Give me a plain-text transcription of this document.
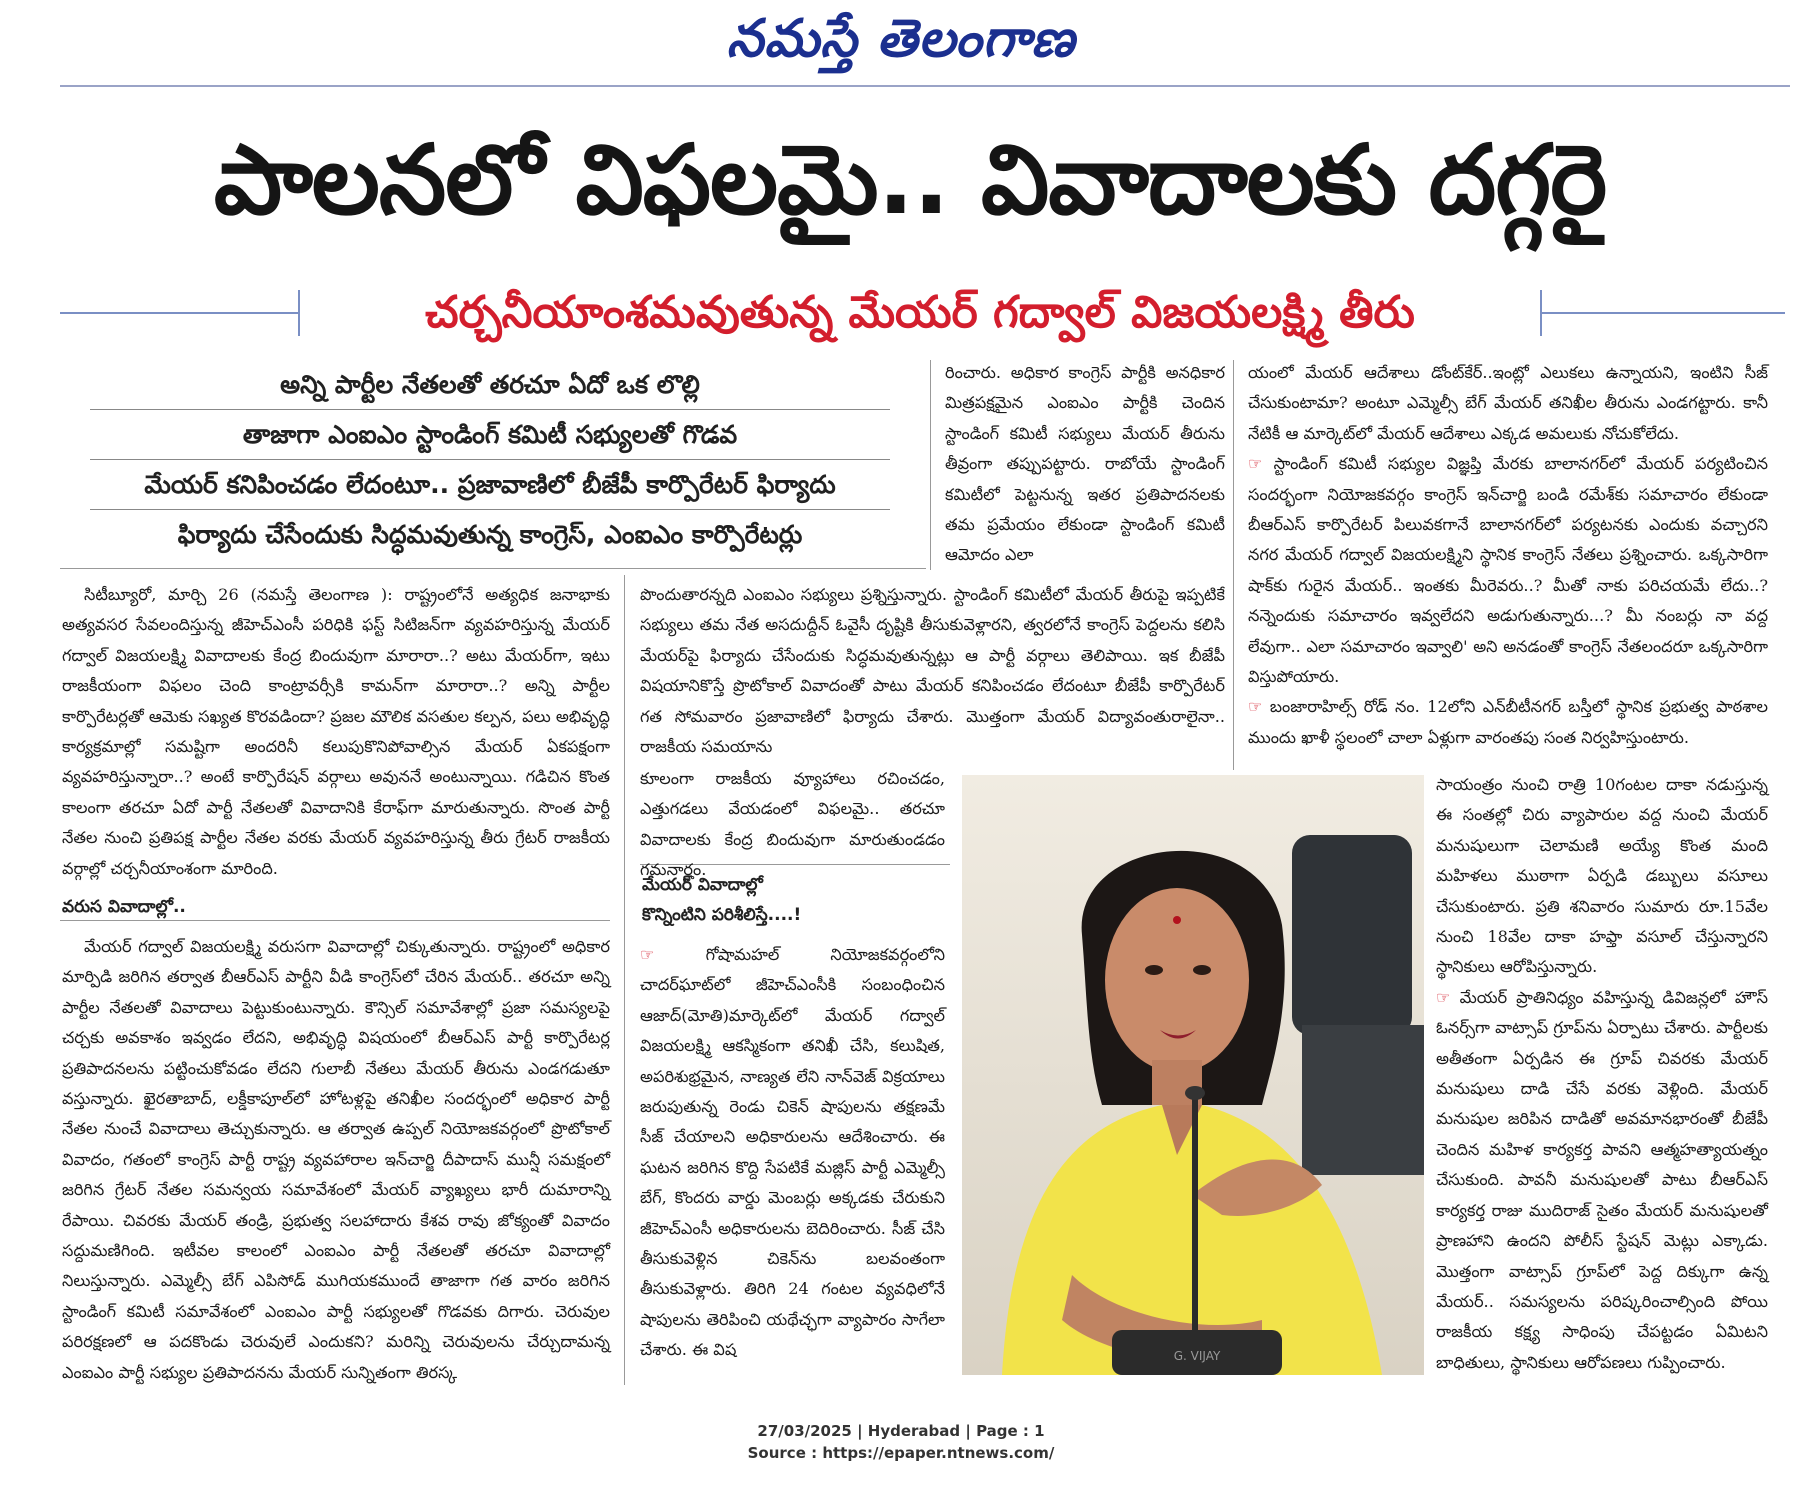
నమస్తే తెలంగాణ
పాలనలో విఫలమై.. వివాదాలకు దగ్గరై
చర్చనీయాంశమవుతున్న మేయర్ గద్వాల్ విజయలక్ష్మి తీరు
అన్ని పార్టీల నేతలతో తరచూ ఏదో ఒక లొల్లి
తాజాగా ఎంఐఎం స్టాండింగ్ కమిటీ సభ్యులతో గొడవ
మేయర్ కనిపించడం లేదంటూ.. ప్రజావాణిలో బీజేపీ కార్పొరేటర్ ఫిర్యాదు
ఫిర్యాదు చేసేందుకు సిద్ధమవుతున్న కాంగ్రెస్, ఎంఐఎం కార్పొరేటర్లు

సిటీబ్యూరో, మార్చి 26 (నమస్తే తెలంగాణ ): రాష్ట్రంలోనే అత్యధిక జనాభాకు అత్యవసర సేవలందిస్తున్న జీహెచ్ఎంసీ పరిధికి ఫస్ట్ సిటిజన్‌గా వ్యవహరిస్తున్న మేయర్ గద్వాల్ విజయలక్ష్మి వివాదాలకు కేంద్ర బిందువుగా మారారా..? అటు మేయర్‌గా, ఇటు రాజకీయంగా విఫలం చెంది కాంట్రావర్సీకి కామన్‌గా మారారా..? అన్ని పార్టీల కార్పొరేటర్లతో ఆమెకు సఖ్యత కొరవడిందా? ప్రజల మౌలిక వసతుల కల్పన, పలు అభివృద్ధి కార్యక్రమాల్లో సమష్టిగా అందరినీ కలుపుకొనిపోవాల్సిన మేయర్ ఏకపక్షంగా వ్యవహరిస్తున్నారా..? అంటే కార్పొరేషన్ వర్గాలు అవుననే అంటున్నాయి. గడిచిన కొంత కాలంగా తరచూ ఏదో పార్టీ నేతలతో వివాదానికి కేరాఫ్‌గా మారుతున్నారు. సొంత పార్టీ నేతల నుంచి ప్రతిపక్ష పార్టీల నేతల వరకు మేయర్ వ్యవహరిస్తున్న తీరు గ్రేటర్ రాజకీయ వర్గాల్లో చర్చనీయాంశంగా మారింది.

వరుస వివాదాల్లో..

మేయర్ గద్వాల్ విజయలక్ష్మి వరుసగా వివాదాల్లో చిక్కుతున్నారు. రాష్ట్రంలో అధికార మార్పిడి జరిగిన తర్వాత బీఆర్ఎస్ పార్టీని వీడి కాంగ్రెస్‌లో చేరిన మేయర్.. తరచూ అన్ని పార్టీల నేతలతో వివాదాలు పెట్టుకుంటున్నారు. కౌన్సిల్ సమావేశాల్లో ప్రజా సమస్యలపై చర్చకు అవకాశం ఇవ్వడం లేదని, అభివృద్ధి విషయంలో బీఆర్ఎస్ పార్టీ కార్పొరేటర్ల ప్రతిపాదనలను పట్టించుకోవడం లేదని గులాబీ నేతలు మేయర్ తీరును ఎండగడుతూ వస్తున్నారు. ఖైరతాబాద్, లక్డీకాపూల్‌లో హోటళ్లపై తనిఖీల సందర్భంలో అధికార పార్టీ నేతల నుంచే వివాదాలు తెచ్చుకున్నారు. ఆ తర్వాత ఉప్పల్ నియోజకవర్గంలో ప్రొటోకాల్ వివాదం, గతంలో కాంగ్రెస్ పార్టీ రాష్ట్ర వ్యవహారాల ఇన్‌చార్జి దీపాదాస్ మున్షీ సమక్షంలో జరిగిన గ్రేటర్ నేతల సమన్వయ సమావేశంలో మేయర్ వ్యాఖ్యలు భారీ దుమారాన్ని రేపాయి. చివరకు మేయర్ తండ్రి, ప్రభుత్వ సలహాదారు కేశవ రావు జోక్యంతో వివాదం సద్దుమణిగింది. ఇటీవల కాలంలో ఎంఐఎం పార్టీ నేతలతో తరచూ వివాదాల్లో నిలుస్తున్నారు. ఎమ్మెల్సీ బేగ్ ఎపిసోడ్ ముగియకముందే తాజాగా గత వారం జరిగిన స్టాండింగ్ కమిటీ సమావేశంలో ఎంఐఎం పార్టీ సభ్యులతో గొడవకు దిగారు. చెరువుల పరిరక్షణలో ఆ పదకొండు చెరువులే ఎందుకని? మరిన్ని చెరువులను చేర్చుదామన్న ఎంఐఎం పార్టీ సభ్యుల ప్రతిపాదనను మేయర్ సున్నితంగా తిరస్క

రించారు. అధికార కాంగ్రెస్ పార్టీకి అనధికార మిత్రపక్షమైన ఎంఐఎం పార్టీకి చెందిన స్టాండింగ్ కమిటీ సభ్యులు మేయర్ తీరును తీవ్రంగా తప్పుపట్టారు. రాబోయే స్టాండింగ్ కమిటీలో పెట్టనున్న ఇతర ప్రతిపాదనలకు తమ ప్రమేయం లేకుండా స్టాండింగ్ కమిటీ ఆమోదం ఎలా

పొందుతారన్నది ఎంఐఎం సభ్యులు ప్రశ్నిస్తున్నారు. స్టాండింగ్ కమిటీలో మేయర్ తీరుపై ఇప్పటికే సభ్యులు తమ నేత అసదుద్దీన్ ఓవైసీ దృష్టికి తీసుకువెళ్లారని, త్వరలోనే కాంగ్రెస్ పెద్దలను కలిసి మేయర్‌పై ఫిర్యాదు చేసేందుకు సిద్ధమవుతున్నట్లు ఆ పార్టీ వర్గాలు తెలిపాయి. ఇక బీజేపీ విషయానికొస్తే ప్రొటోకాల్ వివాదంతో పాటు మేయర్ కనిపించడం లేదంటూ బీజేపీ కార్పొరేటర్ గత సోమవారం ప్రజావాణిలో ఫిర్యాదు చేశారు. మొత్తంగా మేయర్ విద్యావంతురాలైనా.. రాజకీయ సమయాను

కూలంగా రాజకీయ వ్యూహాలు రచించడం, ఎత్తుగడలు వేయడంలో విఫలమై.. తరచూ వివాదాలకు కేంద్ర బిందువుగా మారుతుండడం గమనార్హం.

మేయర్ వివాదాల్లో
కొన్నింటిని పరిశీలిస్తే....!

☞ గోషామహల్ నియోజకవర్గంలోని చాదర్‌ఘాట్‌లో జీహెచ్ఎంసీకి సంబంధించిన ఆజాద్(మోతి)మార్కెట్‌లో మేయర్ గద్వాల్ విజయలక్ష్మి ఆకస్మికంగా తనిఖీ చేసి, కలుషిత, అపరిశుభ్రమైన, నాణ్యత లేని నాన్‌వెజ్ విక్రయాలు జరుపుతున్న రెండు చికెన్ షాపులను తక్షణమే సీజ్ చేయాలని అధికారులను ఆదేశించారు. ఈ ఘటన జరిగిన కొద్ది సేపటికే మజ్లిస్ పార్టీ ఎమ్మెల్సీ బేగ్, కొందరు వార్డు మెంబర్లు అక్కడకు చేరుకుని జీహెచ్ఎంసీ అధికారులను బెదిరించారు. సీజ్ చేసి తీసుకువెళ్లిన చికెన్‌ను బలవంతంగా తీసుకువెళ్లారు. తిరిగి 24 గంటల వ్యవధిలోనే షాపులను తెరిపించి యథేచ్ఛగా వ్యాపారం సాగేలా చేశారు. ఈ విష

యంలో మేయర్ ఆదేశాలు డోంట్‌కేర్..ఇంట్లో ఎలుకలు ఉన్నాయని, ఇంటిని సీజ్ చేసుకుంటామా? అంటూ ఎమ్మెల్సీ బేగ్ మేయర్ తనిఖీల తీరును ఎండగట్టారు. కానీ నేటికీ ఆ మార్కెట్‌లో మేయర్ ఆదేశాలు ఎక్కడ అమలుకు నోచుకోలేదు.

☞ స్టాండింగ్ కమిటీ సభ్యుల విజ్ఞప్తి మేరకు బాలానగర్‌లో మేయర్ పర్యటించిన సందర్భంగా నియోజకవర్గం కాంగ్రెస్ ఇన్‌చార్జి బండి రమేశ్‌కు సమాచారం లేకుండా బీఆర్ఎస్ కార్పొరేటర్ పిలువకగానే బాలానగర్‌లో పర్యటనకు ఎందుకు వచ్చారని నగర మేయర్ గద్వాల్ విజయలక్ష్మిని స్థానిక కాంగ్రెస్ నేతలు ప్రశ్నించారు. ఒక్కసారిగా షాక్‌కు గురైన మేయర్.. ఇంతకు మీరెవరు..? మీతో నాకు పరిచయమే లేదు..? నన్నెందుకు సమాచారం ఇవ్వలేదని అడుగుతున్నారు...? మీ నంబర్లు నా వద్ద లేవుగా.. ఎలా సమాచారం ఇవ్వాలి' అని అనడంతో కాంగ్రెస్ నేతలందరూ ఒక్కసారిగా విస్తుపోయారు.

☞ బంజారాహిల్స్ రోడ్ నం. 12లోని ఎన్‌బీటీనగర్ బస్తీలో స్థానిక ప్రభుత్వ పాఠశాల ముందు ఖాళీ స్థలంలో చాలా ఏళ్లుగా వారంతపు సంత నిర్వహిస్తుంటారు.

సాయంత్రం నుంచి రాత్రి 10గంటల దాకా నడుస్తున్న ఈ సంతల్లో చిరు వ్యాపారుల వద్ద నుంచి మేయర్ మనుషులుగా చెలామణి అయ్యే కొంత మంది మహిళలు ముఠాగా ఏర్పడి డబ్బులు వసూలు చేసుకుంటారు. ప్రతి శనివారం సుమారు రూ.15వేల నుంచి 18వేల దాకా హఫ్తా వసూల్ చేస్తున్నారని స్థానికులు ఆరోపిస్తున్నారు.

☞ మేయర్ ప్రాతినిధ్యం వహిస్తున్న డివిజన్లలో హౌస్ ఓనర్స్‌గా వాట్సాప్ గ్రూప్‌ను ఏర్పాటు చేశారు. పార్టీలకు అతీతంగా ఏర్పడిన ఈ గ్రూప్ చివరకు మేయర్ మనుషులు దాడి చేసే వరకు వెళ్లింది. మేయర్ మనుషుల జరిపిన దాడితో అవమానభారంతో బీజేపీ చెందిన మహిళ కార్యకర్త పావని ఆత్మహత్యాయత్నం చేసుకుంది. పావనీ మనుషులతో పాటు బీఆర్ఎస్ కార్యకర్త రాజు ముదిరాజ్ సైతం మేయర్ మనుషులతో ప్రాణహాని ఉందని పోలీస్ స్టేషన్ మెట్లు ఎక్కాడు. మొత్తంగా వాట్సాప్ గ్రూప్‌లో పెద్ద దిక్కుగా ఉన్న మేయర్.. సమస్యలను పరిష్కరించాల్సింది పోయి రాజకీయ కక్ష్య సాధింపు చేపట్టడం ఏమిటని బాధితులు, స్థానికులు ఆరోపణలు గుప్పించారు.

G. VIJAY
27/03/2025 | Hyderabad | Page : 1
Source : https://epaper.ntnews.com/
